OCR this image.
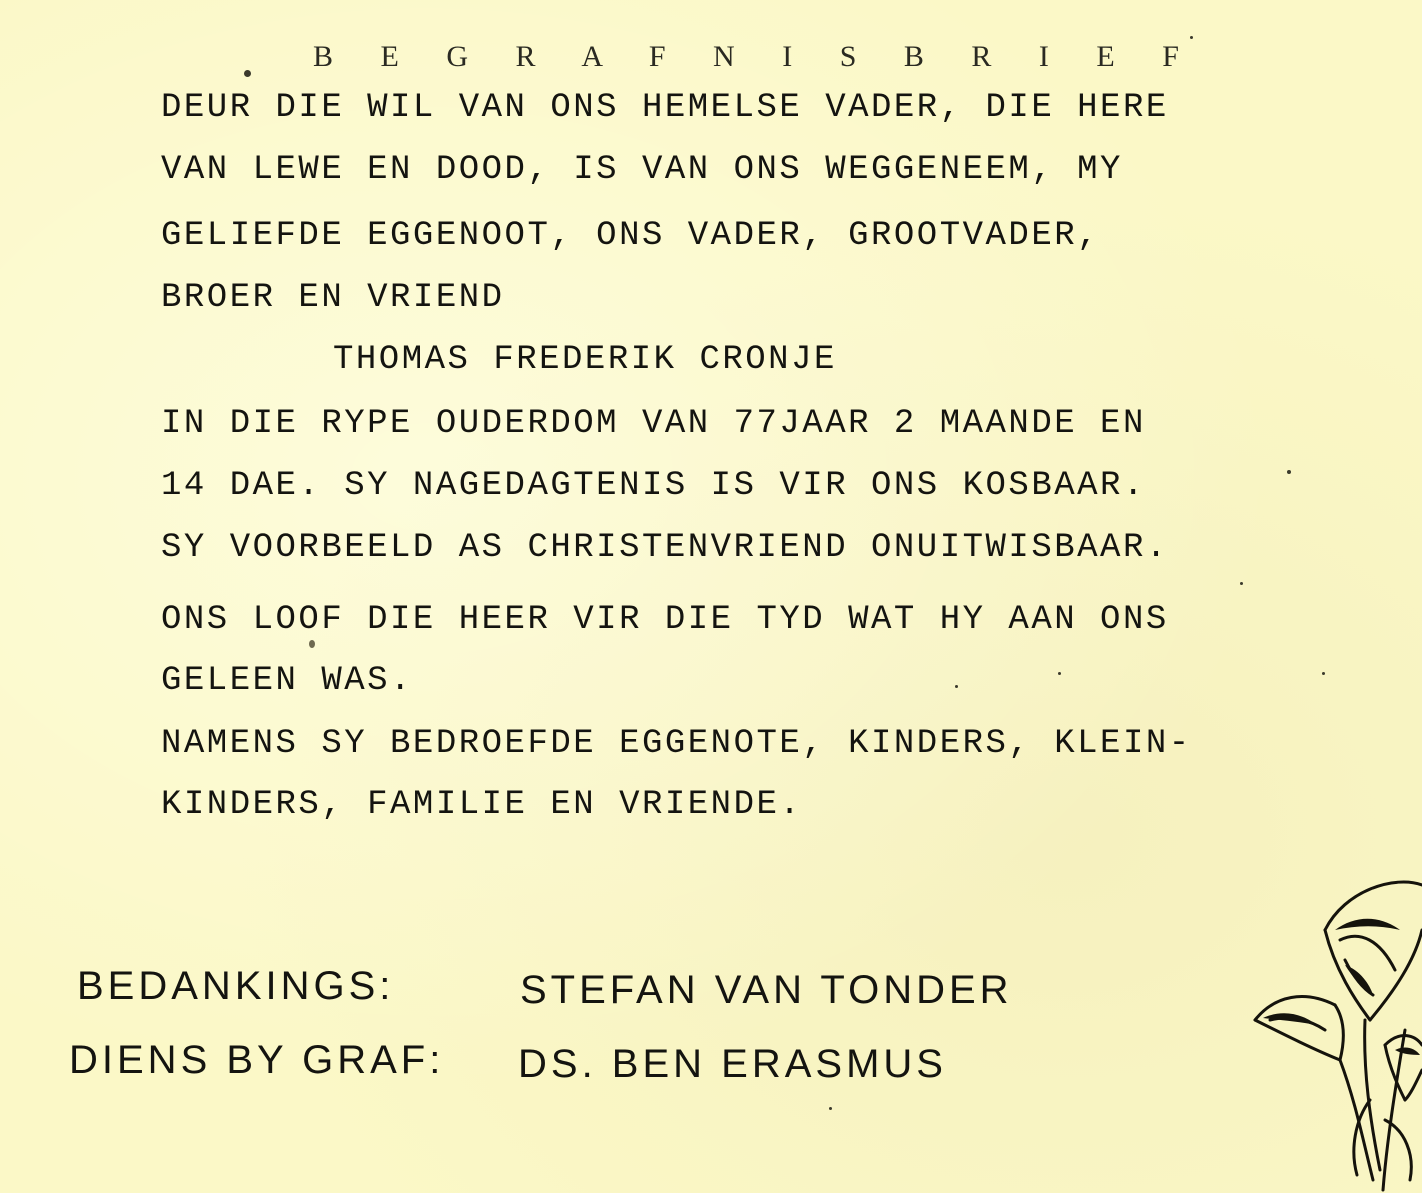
B E G R A F N I S B R I E F
DEUR DIE WIL VAN ONS HEMELSE VADER, DIE HERE
VAN LEWE EN DOOD, IS VAN ONS WEGGENEEM, MY
GELIEFDE EGGENOOT, ONS VADER, GROOTVADER,
BROER EN VRIEND
THOMAS FREDERIK CRONJE
IN DIE RYPE OUDERDOM VAN 77JAAR 2 MAANDE EN
14 DAE. SY NAGEDAGTENIS IS VIR ONS KOSBAAR.
SY VOORBEELD AS CHRISTENVRIEND ONUITWISBAAR.
ONS LOOF DIE HEER VIR DIE TYD WAT HY AAN ONS
GELEEN WAS.
NAMENS SY BEDROEFDE EGGENOTE, KINDERS, KLEIN-
KINDERS, FAMILIE EN VRIENDE.
BEDANKINGS:	STEFAN VAN TONDER
DIENS BY GRAF: DS. BEN ERASMUS
